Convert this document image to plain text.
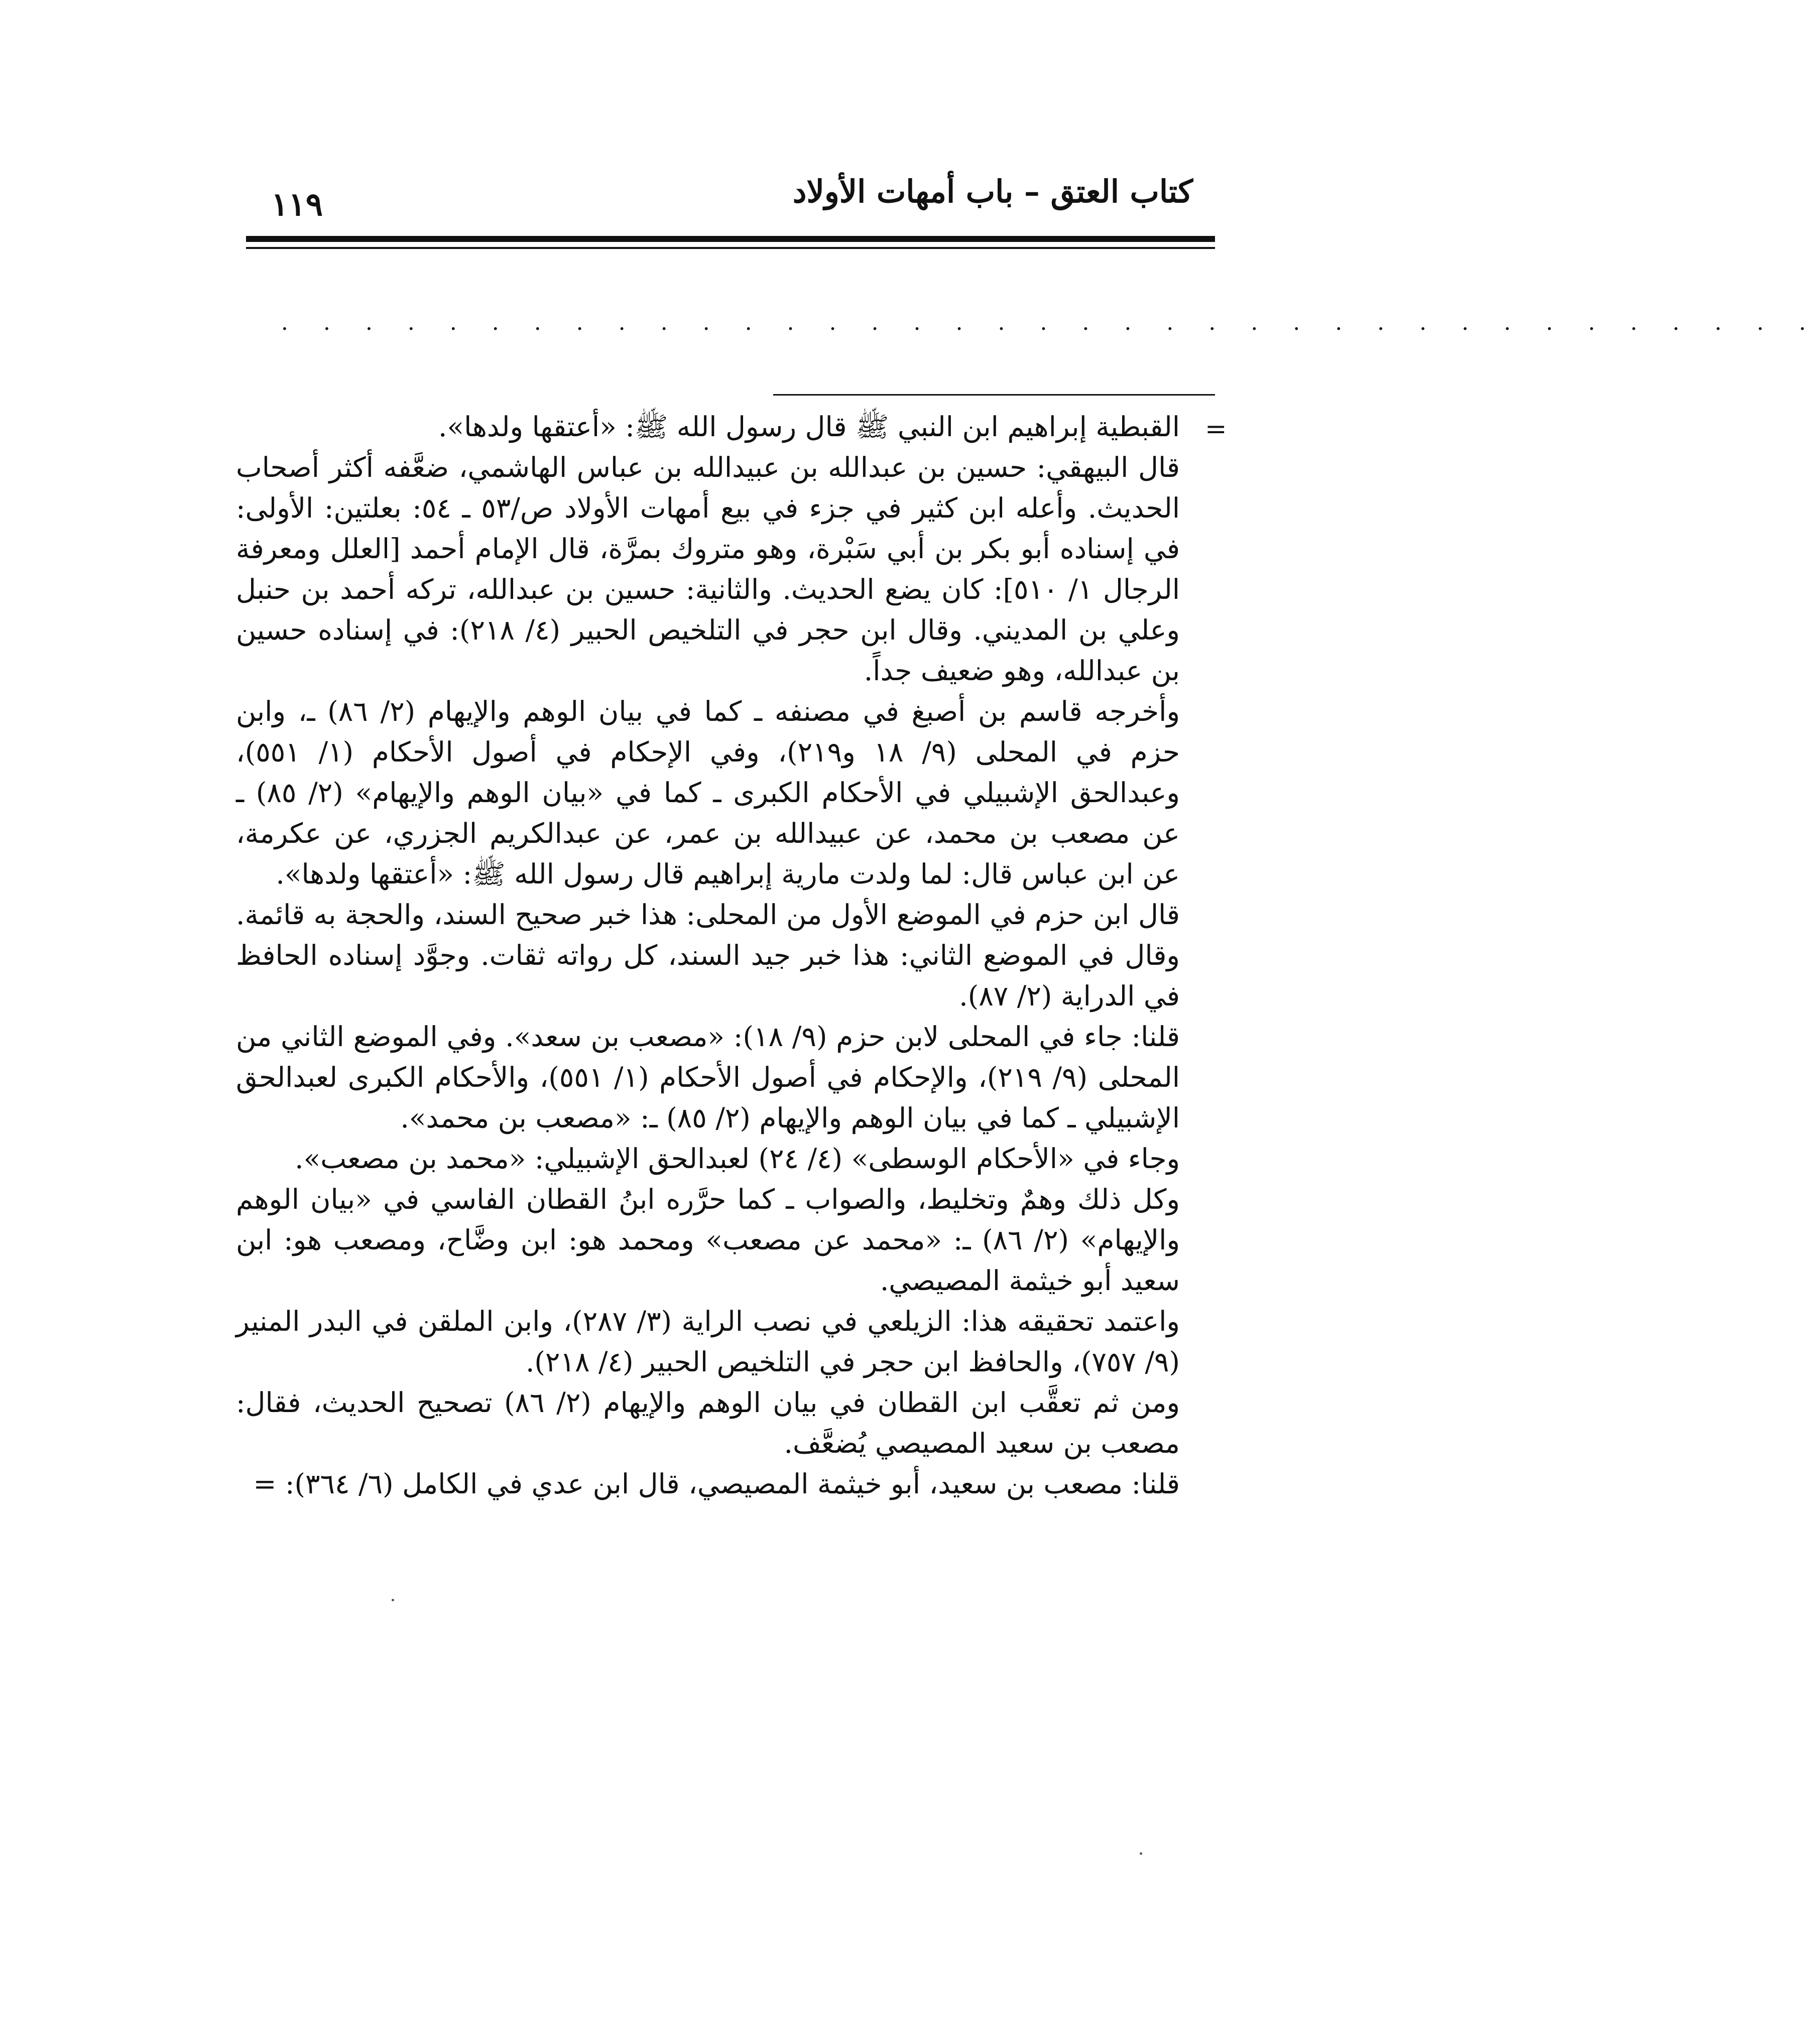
١١٩	كتاب العتق – باب أمهات الأولاد
· · · · · · · · · · · · · · · · · · · · · · · · · · · · · · · · · · · · ·
=

القبطية إبراهيم ابن النبي ﷺ قال رسول الله ﷺ: «أعتقها ولدها».

قال البيهقي: حسين بن عبدالله بن عبيدالله بن عباس الهاشمي، ضعَّفه أكثر أصحاب الحديث. وأعله ابن كثير في جزء في بيع أمهات الأولاد ص/٥٣ ـ ٥٤: بعلتين: الأولى: في إسناده أبو بكر بن أبي سَبْرة، وهو متروك بمرَّة، قال الإمام أحمد [العلل ومعرفة الرجال ١/ ٥١٠]: كان يضع الحديث. والثانية: حسين بن عبدالله، تركه أحمد بن حنبل وعلي بن المديني. وقال ابن حجر في التلخيص الحبير (٤/ ٢١٨): في إسناده حسين بن عبدالله، وهو ضعيف جداً.

وأخرجه قاسم بن أصبغ في مصنفه ـ كما في بيان الوهم والإيهام (٢/ ٨٦) ـ، وابن حزم في المحلى (٩/ ١٨ و٢١٩)، وفي الإحكام في أصول الأحكام (١/ ٥٥١)، وعبدالحق الإشبيلي في الأحكام الكبرى ـ كما في «بيان الوهم والإيهام» (٢/ ٨٥) ـ عن مصعب بن محمد، عن عبيدالله بن عمر، عن عبدالكريم الجزري، عن عكرمة، عن ابن عباس قال: لما ولدت مارية إبراهيم قال رسول الله ﷺ: «أعتقها ولدها».

قال ابن حزم في الموضع الأول من المحلى: هذا خبر صحيح السند، والحجة به قائمة. وقال في الموضع الثاني: هذا خبر جيد السند، كل رواته ثقات. وجوَّد إسناده الحافظ في الدراية (٢/ ٨٧).

قلنا: جاء في المحلى لابن حزم (٩/ ١٨): «مصعب بن سعد». وفي الموضع الثاني من المحلى (٩/ ٢١٩)، والإحكام في أصول الأحكام (١/ ٥٥١)، والأحكام الكبرى لعبدالحق الإشبيلي ـ كما في بيان الوهم والإيهام (٢/ ٨٥) ـ: «مصعب بن محمد».

وجاء في «الأحكام الوسطى» (٤/ ٢٤) لعبدالحق الإشبيلي: «محمد بن مصعب».

وكل ذلك وهمٌ وتخليط، والصواب ـ كما حرَّره ابنُ القطان الفاسي في «بيان الوهم والإيهام» (٢/ ٨٦) ـ: «محمد عن مصعب» ومحمد هو: ابن وضَّاح، ومصعب هو: ابن سعيد أبو خيثمة المصيصي.

واعتمد تحقيقه هذا: الزيلعي في نصب الراية (٣/ ٢٨٧)، وابن الملقن في البدر المنير (٩/ ٧٥٧)، والحافظ ابن حجر في التلخيص الحبير (٤/ ٢١٨).

ومن ثم تعقَّب ابن القطان في بيان الوهم والإيهام (٢/ ٨٦) تصحيح الحديث، فقال: مصعب بن سعيد المصيصي يُضعَّف.

قلنا: مصعب بن سعيد، أبو خيثمة المصيصي، قال ابن عدي في الكامل (٦/ ٣٦٤): =
